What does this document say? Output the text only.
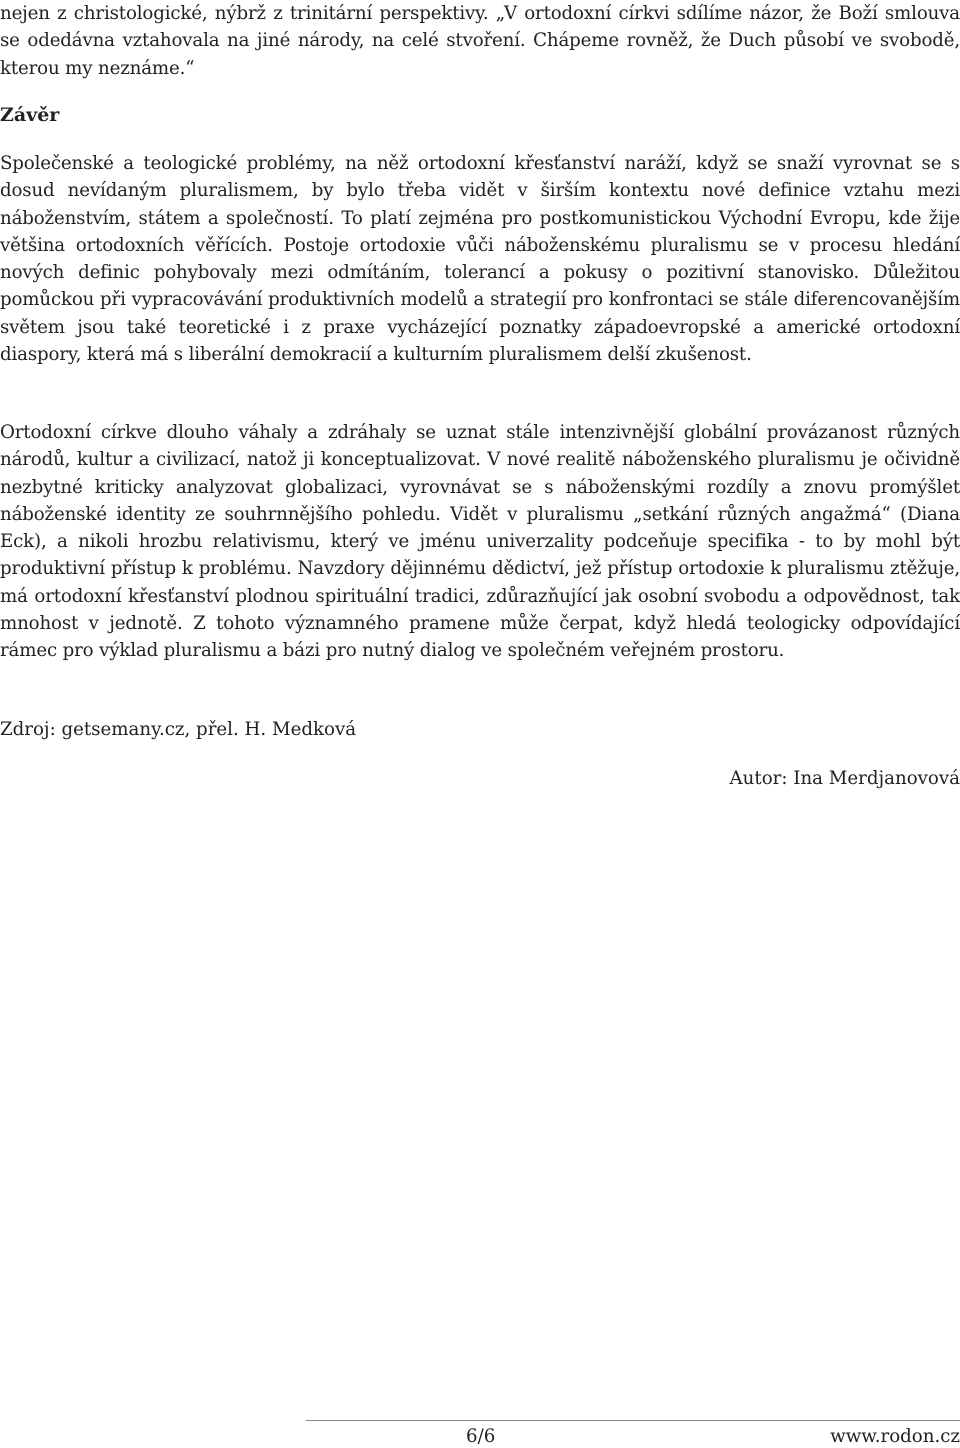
nejen z christologické, nýbrž z trinitární perspektivy. „V ortodoxní církvi sdílíme názor, že Boží smlouva se odedávna vztahovala na jiné národy, na celé stvoření. Chápeme rovněž, že Duch působí ve svobodě, kterou my neznáme.“

Závěr

Společenské a teologické problémy, na něž ortodoxní křesťanství naráží, když se snaží vyrovnat se s dosud nevídaným pluralismem, by bylo třeba vidět v širším kontextu nové definice vztahu mezi náboženstvím, státem a společností. To platí zejména pro postkomunistickou Východní Evropu, kde žije většina ortodoxních věřících. Postoje ortodoxie vůči náboženskému pluralismu se v procesu hledání nových definic pohybovaly mezi odmítáním, tolerancí a pokusy o pozitivní stanovisko. Důležitou pomůckou při vypracovávání produktivních modelů a strategií pro konfrontaci se stále diferencovanějším světem jsou také teoretické i z praxe vycházející poznatky západoevropské a americké ortodoxní diaspory, která má s liberální demokracií a kulturním pluralismem delší zkušenost.

Ortodoxní církve dlouho váhaly a zdráhaly se uznat stále intenzivnější globální provázanost různých národů, kultur a civilizací, natož ji konceptualizovat. V nové realitě náboženského pluralismu je očividně nezbytné kriticky analyzovat globalizaci, vyrovnávat se s náboženskými rozdíly a znovu promýšlet náboženské identity ze souhrnnějšího pohledu. Vidět v pluralismu „setkání různých angažmá“ (Diana Eck), a nikoli hrozbu relativismu, který ve jménu univerzality podceňuje specifika - to by mohl být produktivní přístup k problému. Navzdory dějinnému dědictví, jež přístup ortodoxie k pluralismu ztěžuje, má ortodoxní křesťanství plodnou spirituální tradici, zdůrazňující jak osobní svobodu a odpovědnost, tak mnohost v jednotě. Z tohoto významného pramene může čerpat, když hledá teologicky odpovídající rámec pro výklad pluralismu a bázi pro nutný dialog ve společném veřejném prostoru.

Zdroj: getsemany.cz, přel. H. Medková

Autor: Ina Merdjanovová

6/6	www.rodon.cz
